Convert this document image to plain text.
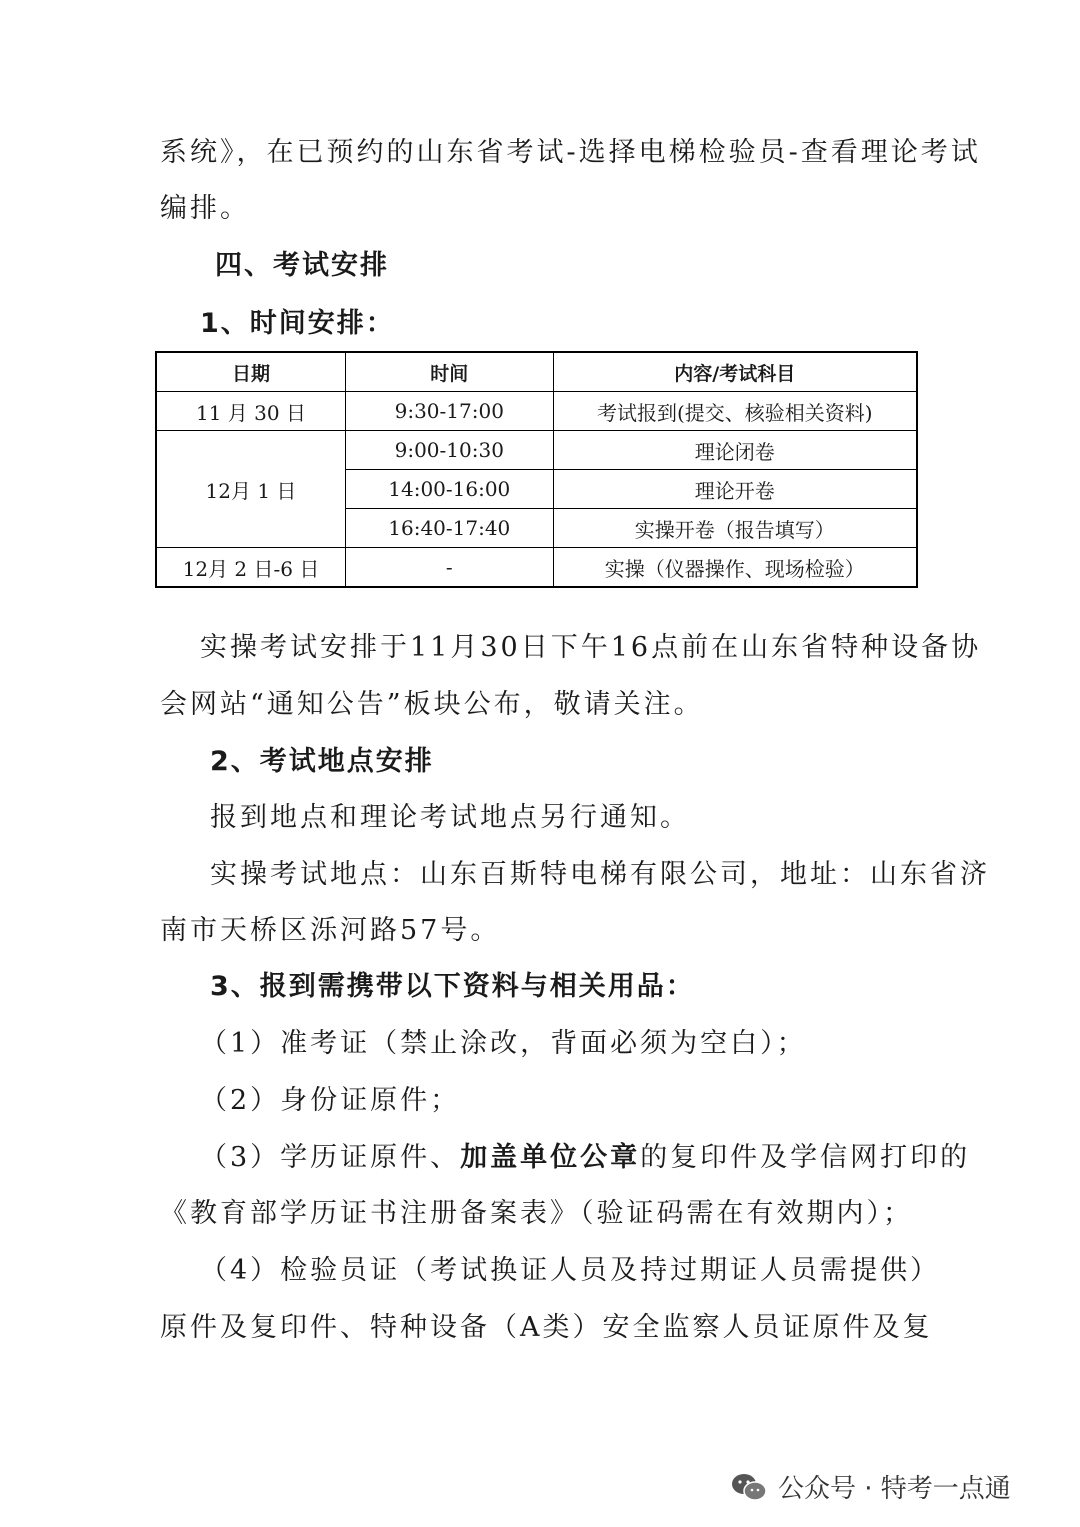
系统》，在已预约的山东省考试-选择电梯检验员-查看理论考试
编排。
四、考试安排
1、时间安排：
日期	时间	内容/考试科目
11 月 30 日	9:30-17:00	考试报到(提交、核验相关资料)
12月 1 日	9:00-10:30	理论闭卷
	14:00-16:00	理论开卷
	16:40-17:40	实操开卷（报告填写）
12月 2 日-6 日	-	实操（仪器操作、现场检验）
实操考试安排于11月30日下午16点前在山东省特种设备协
会网站“通知公告”板块公布，敬请关注。
2、考试地点安排
报到地点和理论考试地点另行通知。
实操考试地点：山东百斯特电梯有限公司，地址：山东省济
南市天桥区泺河路57号。
3、报到需携带以下资料与相关用品：
（1）准考证（禁止涂改，背面必须为空白）；
（2）身份证原件；
（3）学历证原件、加盖单位公章的复印件及学信网打印的
《教育部学历证书注册备案表》（验证码需在有效期内）；
（4）检验员证（考试换证人员及持过期证人员需提供）
原件及复印件、特种设备（A类）安全监察人员证原件及复
公众号 · 特考一点通
